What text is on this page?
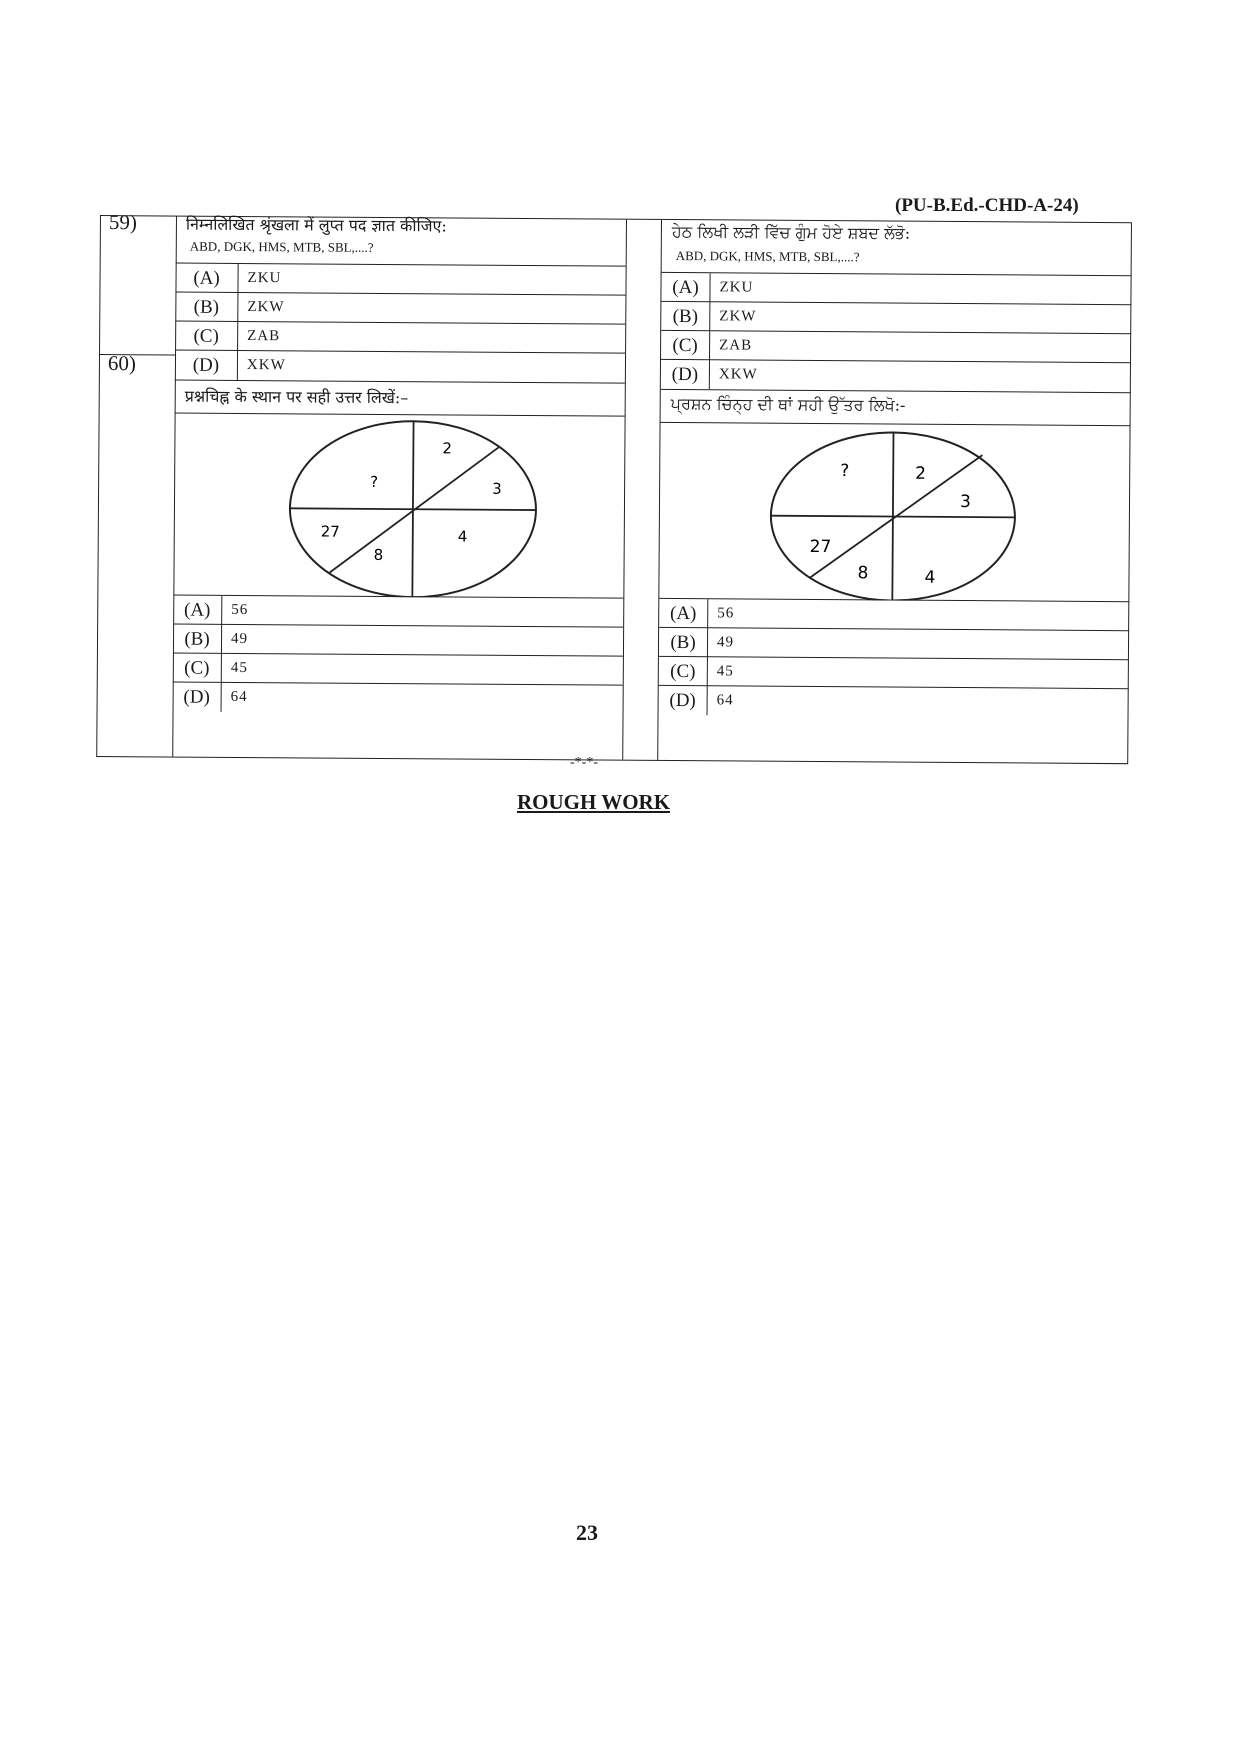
(PU-B.Ed.-CHD-A-24)
59)
60)
निम्नलिखित श्रृंखला में लुप्त पद ज्ञात कीजिए:
ABD, DGK, HMS, MTB, SBL,....?
(A)	ZKU
(B)	ZKW
(C)	ZAB
(D)	XKW
प्रश्नचिह्न के स्थान पर सही उत्तर लिखें:–
?
2
3
4
8
27
(A)	56
(B)	49
(C)	45
(D)	64
ਹੇਠ ਲਿਖੀ ਲੜੀ ਵਿੱਚ ਗੁੰਮ ਹੋਏ ਸ਼ਬਦ ਲੱਭੋ:
ABD, DGK, HMS, MTB, SBL,....?
(A)	ZKU
(B)	ZKW
(C)	ZAB
(D)	XKW
ਪ੍ਰਸ਼ਨ ਚਿੰਨ੍ਹ ਦੀ ਥਾਂ ਸਹੀ ਉੱਤਰ ਲਿਖੋ:-
?	2
3
4
8
27
(A)	56
(B)	49
(C)	45
(D)	64
-*-*-
ROUGH WORK
23
